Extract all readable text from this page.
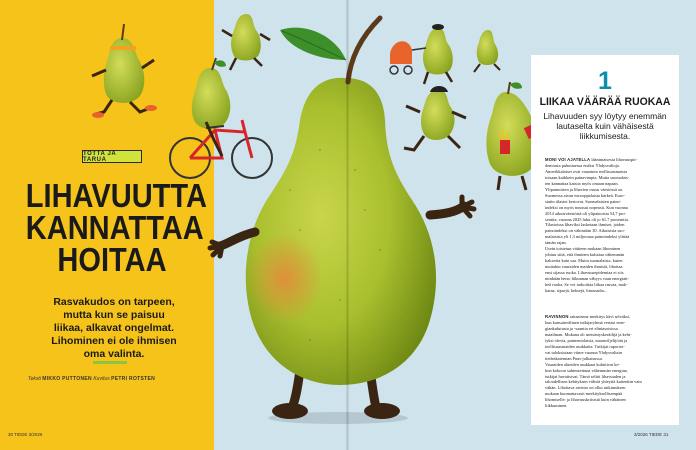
TOTTA JA TARUA
LIHAVUUTTA
KANNATTAA
HOITAA
Rasvakudos on tarpeen,
mutta kun se paisuu
liikaa, alkavat ongelmat.
Lihominen ei ole ihmisen
oma valinta.
Teksti MIKKO PUTTONEN Kuvitus PETRI ROTSTEN
30 TIEDE 3/2026	3/2026 TIEDE 31
1
LIIKAA VÄÄRÄÄ RUOKAA
Lihavuuden syy löytyy enemmän
lautaselta kuin vähäisestä
liikkumisesta.
MONI VOI AJATELLA läänimaisesta lihavuuspti-
demiasta puhuttaessa etsiksi Yhdysvaltoja.
Amerikkalaiset ovat vaarainta teollisuusmaista
toisaan kaikkein painavimpia. Mutta suomalais-
ten kannattaa katsoa myös omaan napaan.
Ylipainoisten ja lihavien osuus väestössä on
Suomessa aivan eurooppalaista kärkeä. Euro-
statin tilastot kertovat. Suomalaisten paino-
indeksi on myös noussut nopeasti. Kun vuonna
2014 aikuisväestöstä oli ylipainoisia 54,7 pro-
senttia, vuonna 2025 luku oli jo 61,7 prosenttia.
Tilastoissa lihaviksi lasketaan ihmiset, joiden
painoindeksi on vähintään 30. Aikuisista suo-
malaisista yli 1,3 miljoonaa painoindeksi ylittää
tämän rajan.
Usein toistetun väitteen mukaan lihominen
johtuu siitä, että ihminen kuluttaa vähemmän
kaloreita kuin saa. Mutta suomalaisia, kuten
muitakin vauraiden maiden ihmisiä, lihottaa
ensi sijassa ruoka. Lihavuusepidemiaa ei siis
niinkään hetso liikunnan vähyys vaan energiati-
heä ruoka. Se voi tarkoittaa liikaa rasvaa, mak-
karaa, sipsejä, keksejä, limonadia...
RAVINNON rattaaisena merkitys kävi selväksi,
kun kansainvälinen tutkijaryhmä vertasi ener-
giankulutusta ja -saantia eri elintasoisissa
maailman. Mukana oli metsästyskeräilijä ja kehi-
tyksi olevia, paimentolaisia, maanviljelijöitä ja
teollisuusmaiden asukkaita. Tutkijat raportoi-
vat tuloksistaan viime vuonna Yhdysvaltain
tiedeakatemian Pnas-julkaisussa.
Vauraiden alueiden asukkaat kuluttivat ke-
hon kokoon suhteutettuna vähemmän energiaa,
tutkijat havaitsivat. Tämä selitti lihavuuden ja
taloudellisen kehityksen välistä yhteyttä kuitenkin vain
vähän. Lihottava ravinto on ollut tutkimuksen
mukaan huomattavasti merkityksellisempää
lihomiselle: ja lihavuuskriisistä kuin vähäinen
liikkuminen.
